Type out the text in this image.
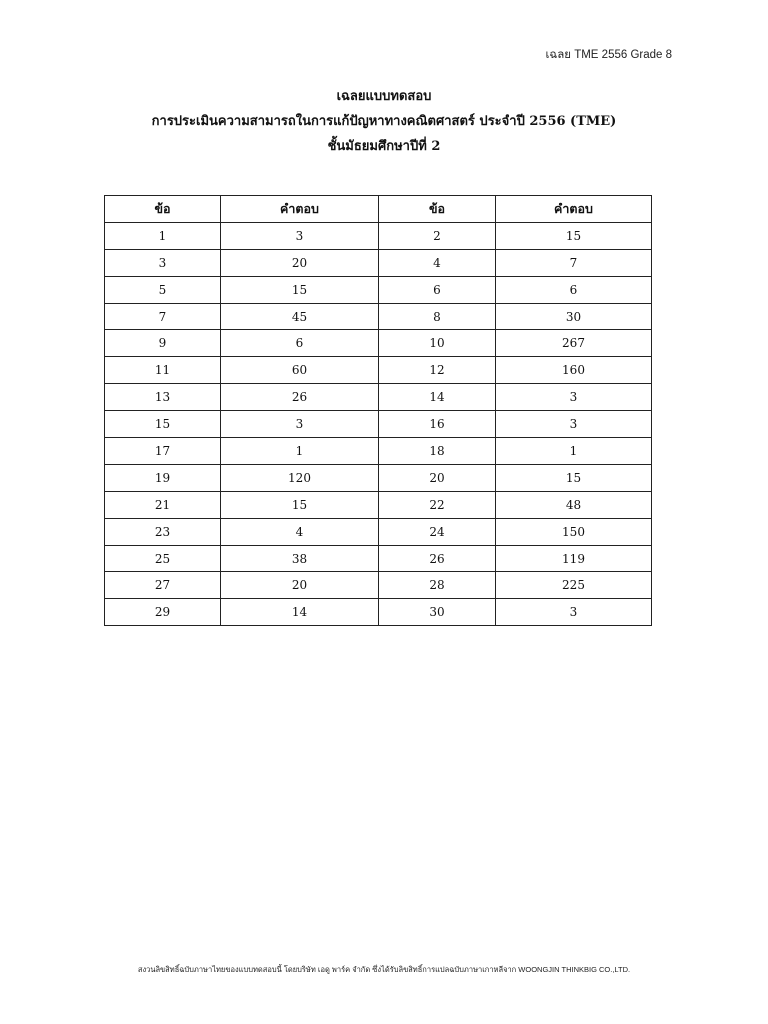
เฉลย TME 2556 Grade 8
เฉลยแบบทดสอบ
การประเมินความสามารถในการแก้ปัญหาทางคณิตศาสตร์ ประจำปี 2556 (TME)
ชั้นมัธยมศึกษาปีที่ 2
ข้อ	คำตอบ	ข้อ	คำตอบ
1	3	2	15
3	20	4	7
5	15	6	6
7	45	8	30
9	6	10	267
11	60	12	160
13	26	14	3
15	3	16	3
17	1	18	1
19	120	20	15
21	15	22	48
23	4	24	150
25	38	26	119
27	20	28	225
29	14	30	3
สงวนลิขสิทธิ์ฉบับภาษาไทยของแบบทดสอบนี้ โดยบริษัท เอดู พาร์ค จำกัด ซึ่งได้รับลิขสิทธิ์การแปลฉบับภาษาเกาหลีจาก WOONGJIN THINKBIG CO.,LTD.
